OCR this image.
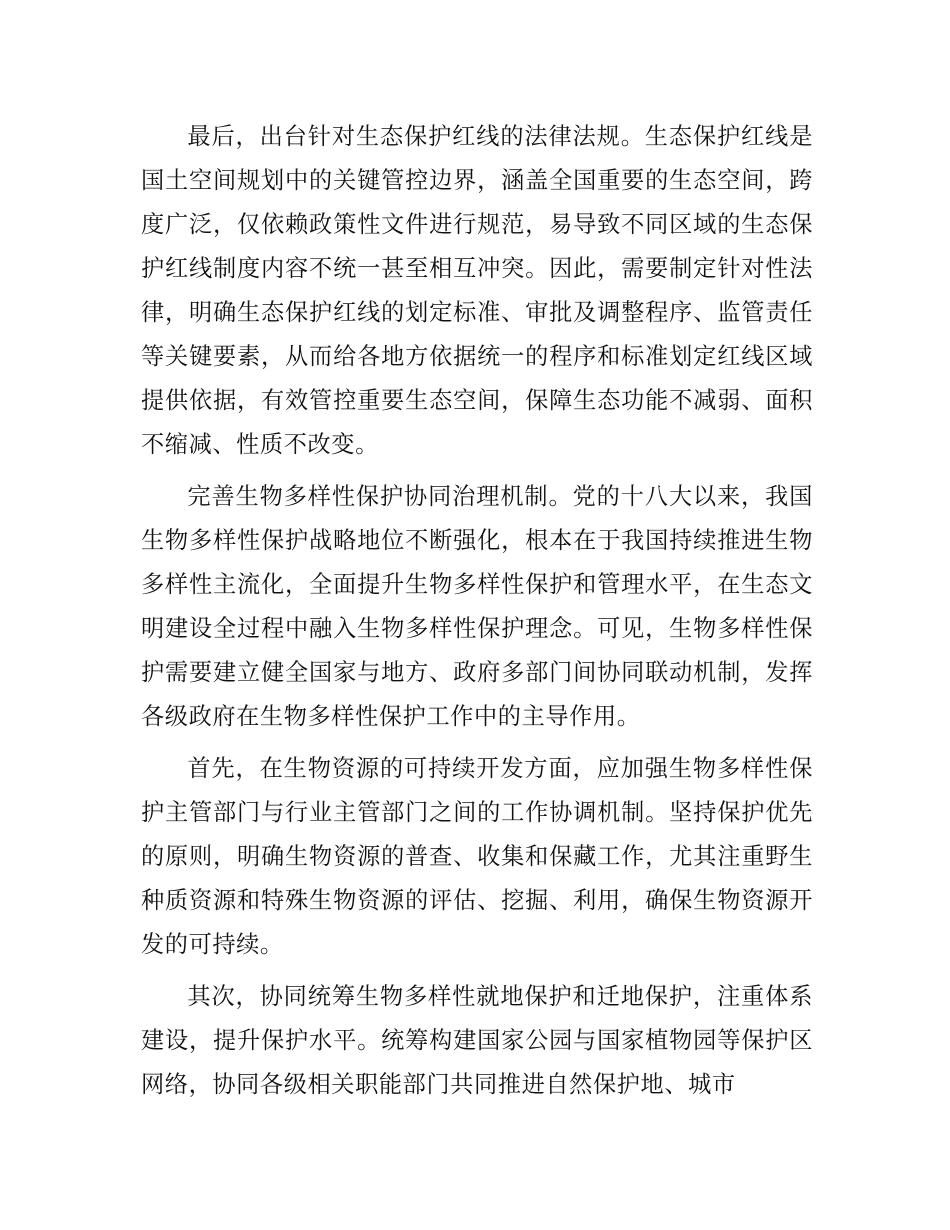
最后，出台针对生态保护红线的法律法规。生态保护红线是国土空间规划中的关键管控边界，涵盖全国重要的生态空间，跨度广泛，仅依赖政策性文件进行规范，易导致不同区域的生态保护红线制度内容不统一甚至相互冲突。因此，需要制定针对性法律，明确生态保护红线的划定标准、审批及调整程序、监管责任等关键要素，从而给各地方依据统一的程序和标准划定红线区域提供依据，有效管控重要生态空间，保障生态功能不减弱、面积不缩减、性质不改变。

完善生物多样性保护协同治理机制。党的十八大以来，我国生物多样性保护战略地位不断强化，根本在于我国持续推进生物多样性主流化，全面提升生物多样性保护和管理水平，在生态文明建设全过程中融入生物多样性保护理念。可见，生物多样性保护需要建立健全国家与地方、政府多部门间协同联动机制，发挥各级政府在生物多样性保护工作中的主导作用。

首先，在生物资源的可持续开发方面，应加强生物多样性保护主管部门与行业主管部门之间的工作协调机制。坚持保护优先的原则，明确生物资源的普查、收集和保藏工作，尤其注重野生种质资源和特殊生物资源的评估、挖掘、利用，确保生物资源开发的可持续。

其次，协同统筹生物多样性就地保护和迁地保护，注重体系建设，提升保护水平。统筹构建国家公园与国家植物园等保护区网络，协同各级相关职能部门共同推进自然保护地、城市
